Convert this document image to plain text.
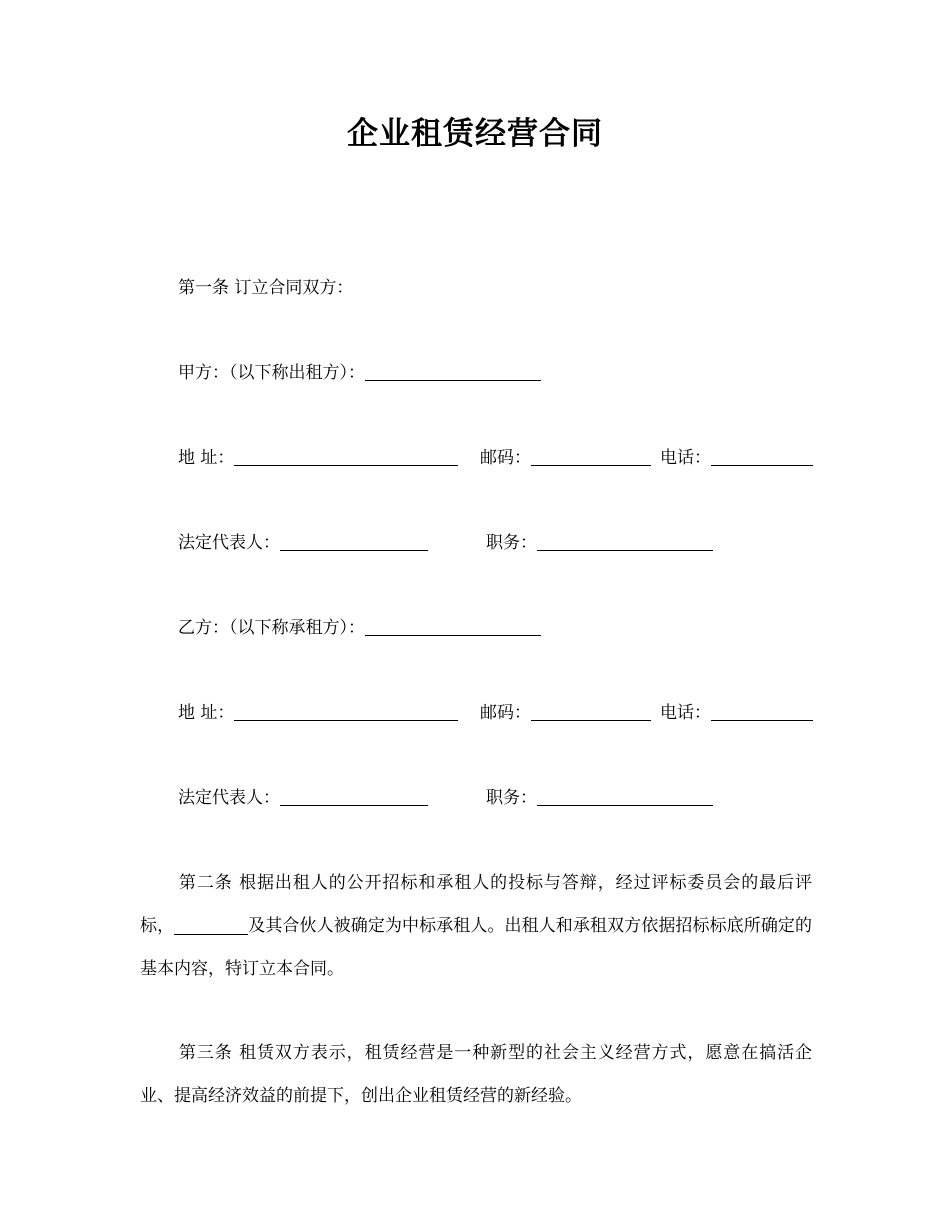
企业租赁经营合同
第一条 订立合同双方：
甲方：（以下称出租方）：
地 址：	邮码：	电话：
法定代表人：	职务：
乙方：（以下称承租方）：
地 址：	邮码：	电话：
法定代表人：	职务：
第二条 根据出租人的公开招标和承租人的投标与答辩，经过评标委员会的最后评标，	及其合伙人被确定为中标承租人。出租人和承租双方依据招标标底所确定的基本内容，特订立本合同。
第三条 租赁双方表示，租赁经营是一种新型的社会主义经营方式，愿意在搞活企业、提高经济效益的前提下，创出企业租赁经营的新经验。
